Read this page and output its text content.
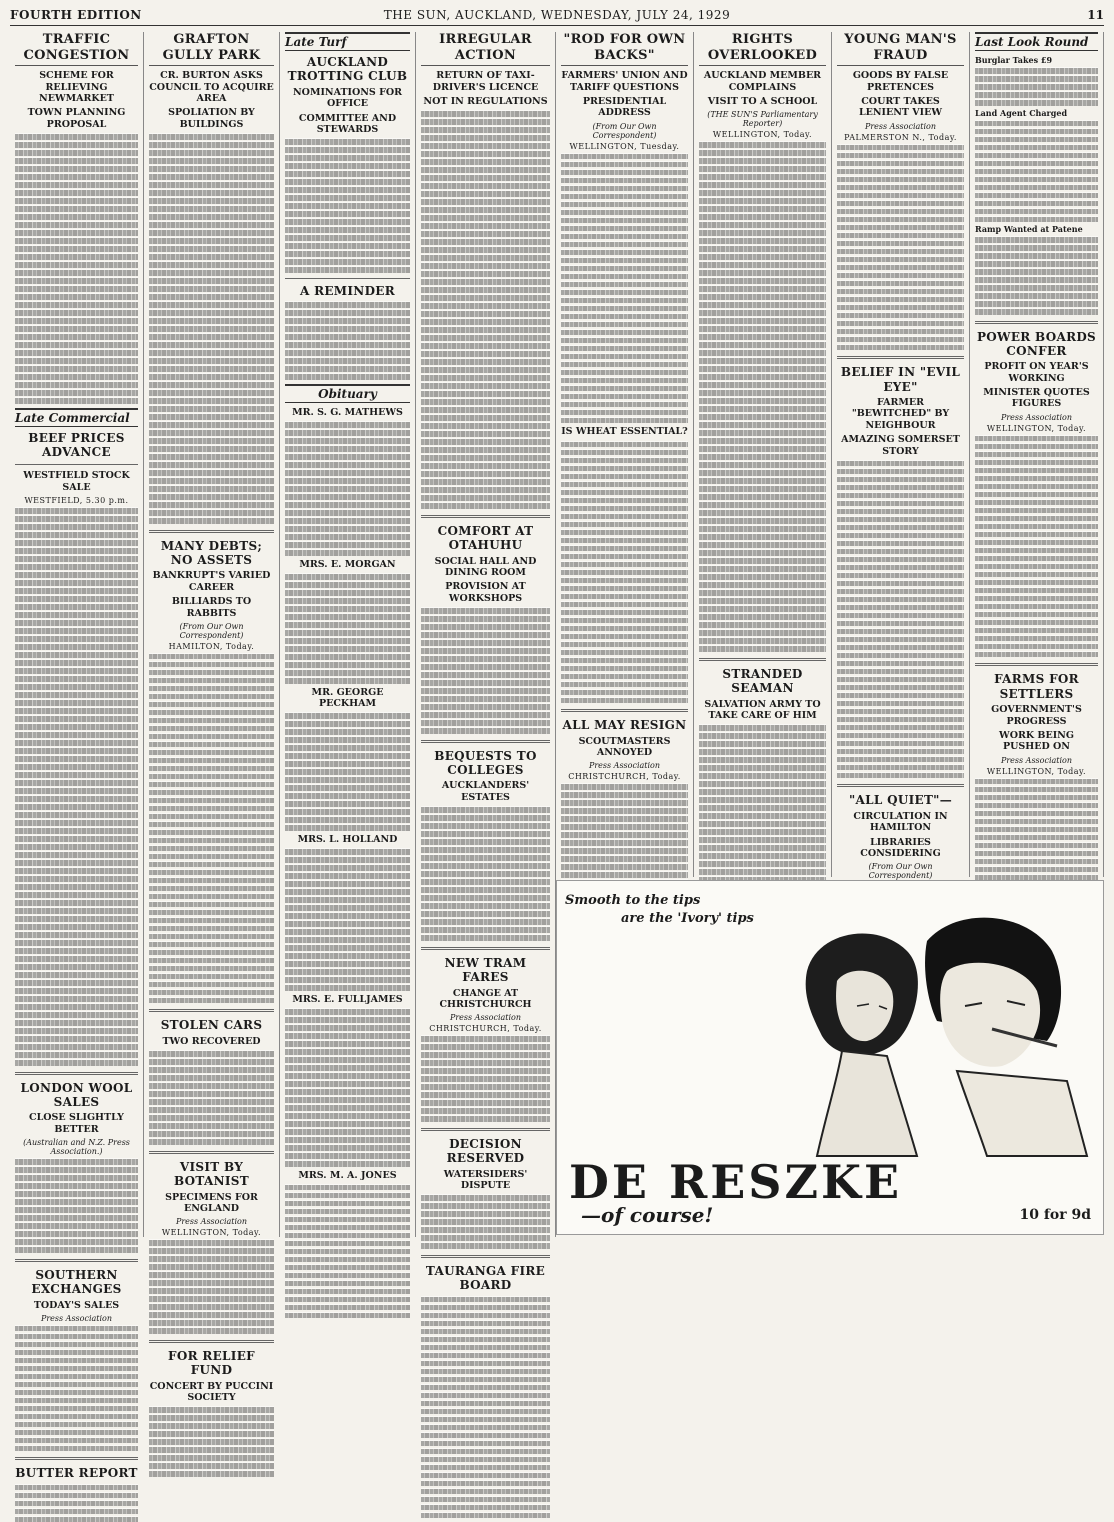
FOURTH EDITION	THE SUN, AUCKLAND, WEDNESDAY, JULY 24, 1929	11
TRAFFIC CONGESTION
SCHEME FOR RELIEVING NEWMARKET
TOWN PLANNING PROPOSAL
Late Commercial
BEEF PRICES ADVANCE
WESTFIELD STOCK SALE
WESTFIELD, 5.30 p.m.
LONDON WOOL SALES
CLOSE SLIGHTLY BETTER
(Australian and N.Z. Press Association.)
SOUTHERN EXCHANGES
TODAY'S SALES
Press Association
BUTTER REPORT
GRAFTON GULLY PARK
CR. BURTON ASKS COUNCIL TO ACQUIRE AREA
SPOLIATION BY BUILDINGS
MANY DEBTS; NO ASSETS
BANKRUPT'S VARIED CAREER
BILLIARDS TO RABBITS
(From Our Own Correspondent)
HAMILTON, Today.
STOLEN CARS
TWO RECOVERED
VISIT BY BOTANIST
SPECIMENS FOR ENGLAND
Press Association
WELLINGTON, Today.
FOR RELIEF FUND
CONCERT BY PUCCINI SOCIETY
Late Turf
AUCKLAND TROTTING CLUB
NOMINATIONS FOR OFFICE
COMMITTEE AND STEWARDS
A REMINDER
Obituary
MR. S. G. MATHEWS
MRS. E. MORGAN
MR. GEORGE PECKHAM
MRS. L. HOLLAND
MRS. E. FULLJAMES
MRS. M. A. JONES
IRREGULAR ACTION
RETURN OF TAXI-DRIVER'S LICENCE
NOT IN REGULATIONS
COMFORT AT OTAHUHU
SOCIAL HALL AND DINING ROOM
PROVISION AT WORKSHOPS
BEQUESTS TO COLLEGES
AUCKLANDERS' ESTATES
NEW TRAM FARES
CHANGE AT CHRISTCHURCH
Press Association
CHRISTCHURCH, Today.
DECISION RESERVED
WATERSIDERS' DISPUTE
TAURANGA FIRE BOARD
"ROD FOR OWN BACKS"
FARMERS' UNION AND TARIFF QUESTIONS
PRESIDENTIAL ADDRESS
(From Our Own Correspondent)
WELLINGTON, Tuesday.
IS WHEAT ESSENTIAL?
ALL MAY RESIGN
SCOUTMASTERS ANNOYED
Press Association
CHRISTCHURCH, Today.
RIGHTS OVERLOOKED
AUCKLAND MEMBER COMPLAINS
VISIT TO A SCHOOL
(THE SUN'S Parliamentary Reporter)
WELLINGTON, Today.
STRANDED SEAMAN
SALVATION ARMY TO TAKE CARE OF HIM
YOUNG MAN'S FRAUD
GOODS BY FALSE PRETENCES
COURT TAKES LENIENT VIEW
Press Association
PALMERSTON N., Today.
BELIEF IN "EVIL EYE"
FARMER "BEWITCHED" BY NEIGHBOUR
AMAZING SOMERSET STORY
"ALL QUIET"—
CIRCULATION IN HAMILTON
LIBRARIES CONSIDERING
(From Our Own Correspondent)
Last Look Round
Burglar Takes £9
Land Agent Charged
Ramp Wanted at Patene
POWER BOARDS CONFER
PROFIT ON YEAR'S WORKING
MINISTER QUOTES FIGURES
Press Association
WELLINGTON, Today.
FARMS FOR SETTLERS
GOVERNMENT'S PROGRESS
WORK BEING PUSHED ON
Press Association
WELLINGTON, Today.
Smooth to the tips
are the 'Ivory' tips
DE RESZKE
—of course!	10 for 9d
